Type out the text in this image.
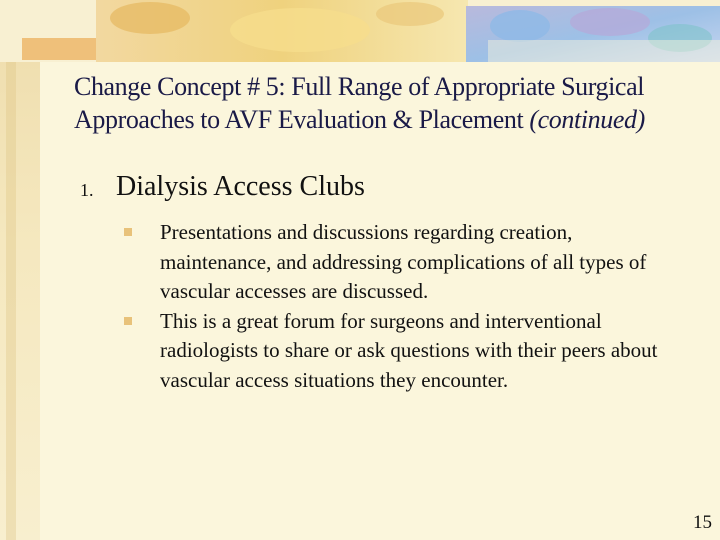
Change Concept # 5: Full Range of Appropriate Surgical
Approaches to AVF Evaluation & Placement (continued)
1. Dialysis Access Clubs
Presentations and discussions regarding creation, maintenance, and addressing complications of all types of vascular accesses are discussed.
This is a great forum for surgeons and interventional radiologists to share or ask questions with their peers about vascular access situations they encounter.
15
